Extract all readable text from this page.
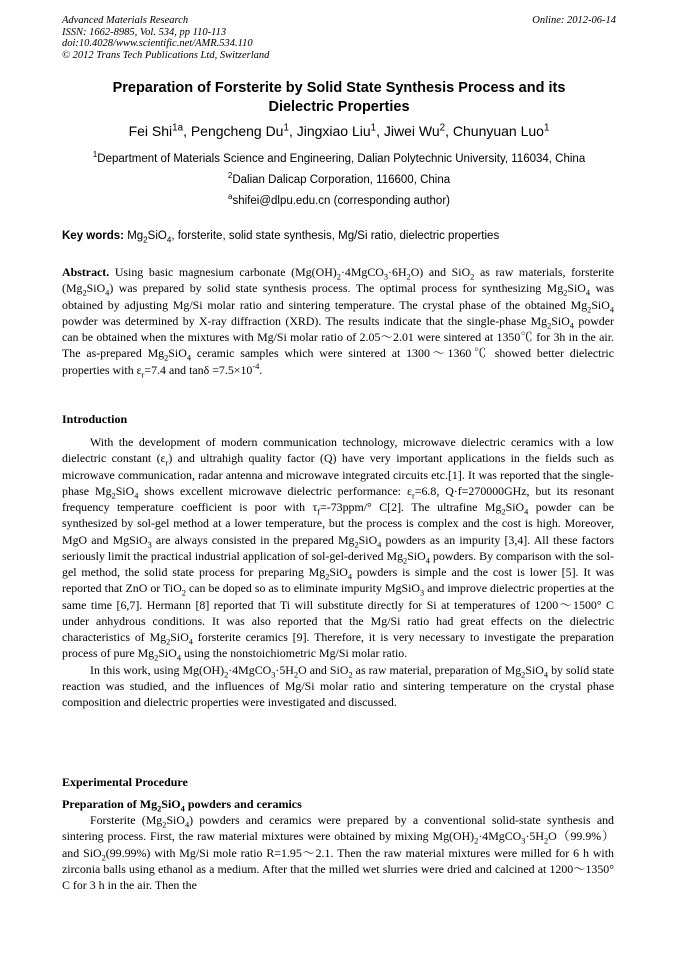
Advanced Materials Research
ISSN: 1662-8985, Vol. 534, pp 110-113
doi:10.4028/www.scientific.net/AMR.534.110
© 2012 Trans Tech Publications Ltd, Switzerland
Online: 2012-06-14
Preparation of Forsterite by Solid State Synthesis Process and its
Dielectric Properties
Fei Shi$^{1a}$, Pengcheng Du$^1$, Jingxiao Liu$^1$, Jiwei Wu$^2$, Chunyuan Luo$^1$
$^1$Department of Materials Science and Engineering, Dalian Polytechnic University, 116034, China
$^2$Dalian Dalicap Corporation, 116600, China
$^a$shifei@dlpu.edu.cn (corresponding author)
Key words: $Mg_2SiO_4$, forsterite, solid state synthesis, Mg/Si ratio, dielectric properties

Abstract. Using basic magnesium carbonate $(Mg(OH)_2\cdot 4MgCO_3\cdot 6H_2O)$ and SiO$_2$ as raw materials, forsterite $(Mg_2SiO_4)$ was prepared by solid state synthesis process. The optimal process for synthesizing $Mg_2SiO_4$ was obtained by adjusting Mg/Si molar ratio and sintering temperature. The crystal phase of the obtained $Mg_2SiO_4$ powder was determined by X-ray diffraction (XRD). The results indicate that the single-phase $Mg_2SiO_4$ powder can be obtained when the mixtures with Mg/Si molar ratio of 2.05～2.01 were sintered at 1350℃ for 3h in the air. The as-prepared $Mg_2SiO_4$ ceramic samples which were sintered at 1300～1360℃ showed better dielectric properties with $\varepsilon_r=7.4$ and $\tan\delta =7.5\times 10^{-4}$.

Introduction

With the development of modern communication technology, microwave dielectric ceramics with a low dielectric constant $(\varepsilon_r)$ and ultrahigh quality factor (Q) have very important applications in the fields such as microwave communication, radar antenna and microwave integrated circuits etc.[1]. It was reported that the single-phase $Mg_2SiO_4$ shows excellent microwave dielectric performance: $\varepsilon_r=6.8$, Q·f=270000GHz, but its resonant frequency temperature coefficient is poor with $\tau_f=-73ppm/^\circ$ C[2]. The ultrafine $Mg_2SiO_4$ powder can be synthesized by sol-gel method at a lower temperature, but the process is complex and the cost is high. Moreover, MgO and MgSiO$_3$ are always consisted in the prepared $Mg_2SiO_4$ powders as an impurity [3,4]. All these factors seriously limit the practical industrial application of sol-gel-derived $Mg_2SiO_4$ powders. By comparison with the sol-gel method, the solid state process for preparing $Mg_2SiO_4$ powders is simple and the cost is lower [5]. It was reported that ZnO or TiO$_2$ can be doped so as to eliminate impurity MgSiO$_3$ and improve dielectric properties at the same time [6,7]. Hermann [8] reported that Ti will substitute directly for Si at temperatures of 1200～1500° C under anhydrous conditions. It was also reported that the Mg/Si ratio had great effects on the dielectric characteristics of $Mg_2SiO_4$ forsterite ceramics [9]. Therefore, it is very necessary to investigate the preparation process of pure $Mg_2SiO_4$ using the nonstoichiometric Mg/Si molar ratio.

In this work, using $Mg(OH)_2\cdot 4MgCO_3\cdot 5H_2O$ and SiO$_2$ as raw material, preparation of $Mg_2SiO_4$ by solid state reaction was studied, and the influences of Mg/Si molar ratio and sintering temperature on the crystal phase composition and dielectric properties were investigated and discussed.

Experimental Procedure
Preparation of $Mg_2SiO_4$ powders and ceramics

Forsterite $(Mg_2SiO_4)$ powders and ceramics were prepared by a conventional solid-state synthesis and sintering process. First, the raw material mixtures were obtained by mixing $Mg(OH)_2\cdot 4MgCO_3\cdot 5H_2O(99.9\%)and$ SiO$_2$(99.99%) with Mg/Si mole ratio R=1.95～2.1. Then the raw material mixtures were milled for 6 h with zirconia balls using ethanol as a medium. After that the milled wet slurries were dried and calcined at 1200～1350° C for 3 h in the air. Then the
